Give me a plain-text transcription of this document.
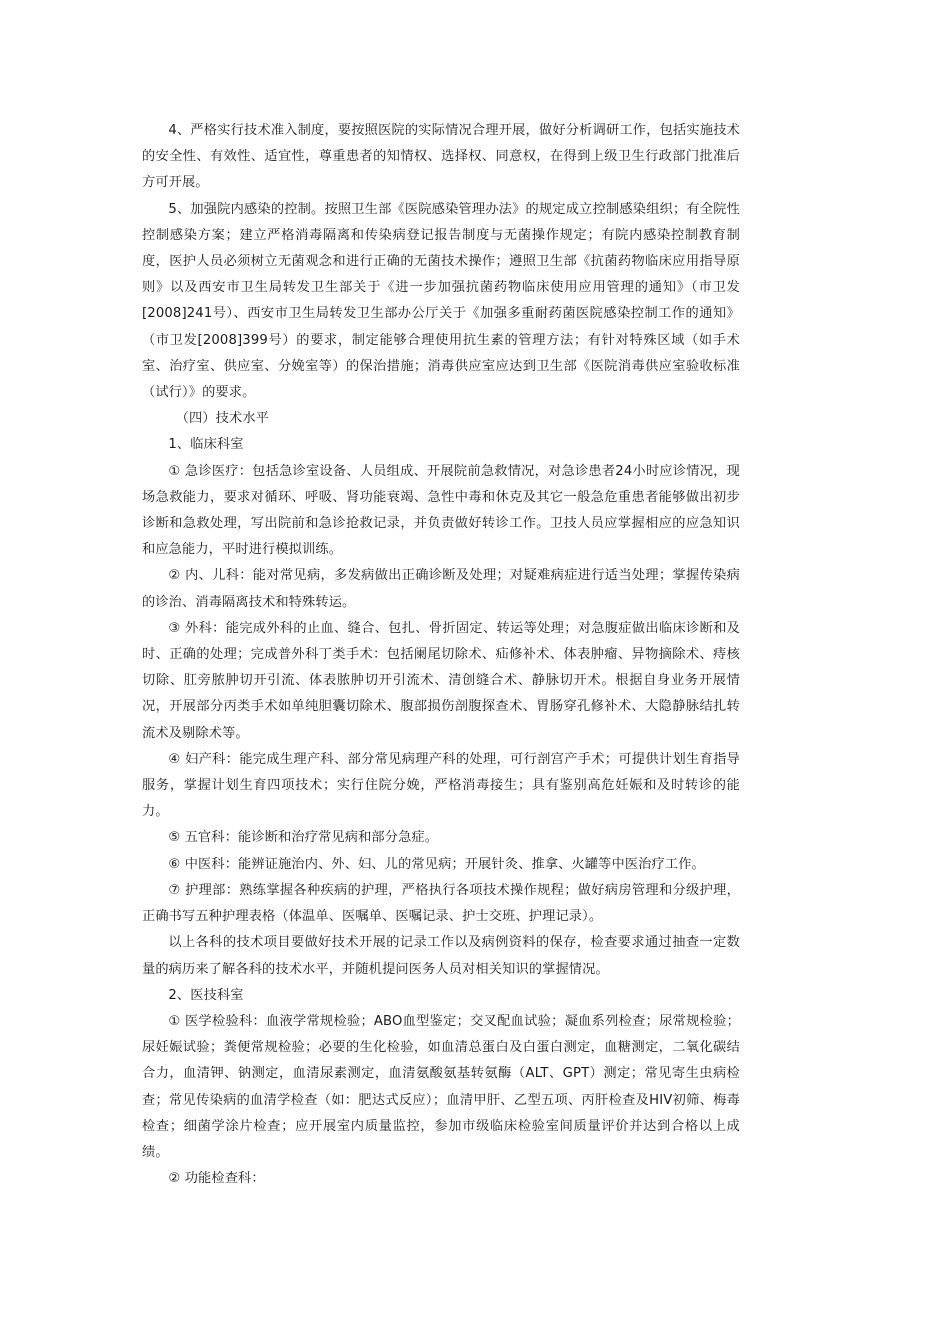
4、严格实行技术准入制度，要按照医院的实际情况合理开展，做好分析调研工作，包括实施技术的安全性、有效性、适宜性，尊重患者的知情权、选择权、同意权，在得到上级卫生行政部门批准后方可开展。

5、加强院内感染的控制。按照卫生部《医院感染管理办法》的规定成立控制感染组织；有全院性控制感染方案；建立严格消毒隔离和传染病登记报告制度与无菌操作规定；有院内感染控制教育制度，医护人员必须树立无菌观念和进行正确的无菌技术操作；遵照卫生部《抗菌药物临床应用指导原则》以及西安市卫生局转发卫生部关于《进一步加强抗菌药物临床使用应用管理的通知》（市卫发[2008]241号）、西安市卫生局转发卫生部办公厅关于《加强多重耐药菌医院感染控制工作的通知》（市卫发[2008]399号）的要求，制定能够合理使用抗生素的管理方法；有针对特殊区域（如手术室、治疗室、供应室、分娩室等）的保治措施；消毒供应室应达到卫生部《医院消毒供应室验收标准（试行）》的要求。

（四）技术水平

1、临床科室

① 急诊医疗：包括急诊室设备、人员组成、开展院前急救情况，对急诊患者24小时应诊情况，现场急救能力，要求对循环、呼吸、肾功能衰竭、急性中毒和休克及其它一般急危重患者能够做出初步诊断和急救处理，写出院前和急诊抢救记录，并负责做好转诊工作。卫技人员应掌握相应的应急知识和应急能力，平时进行模拟训练。

② 内、儿科：能对常见病，多发病做出正确诊断及处理；对疑难病症进行适当处理；掌握传染病的诊治、消毒隔离技术和特殊转运。

③ 外科：能完成外科的止血、缝合、包扎、骨折固定、转运等处理；对急腹症做出临床诊断和及时、正确的处理；完成普外科丁类手术：包括阑尾切除术、疝修补术、体表肿瘤、异物摘除术、痔核切除、肛旁脓肿切开引流、体表脓肿切开引流术、清创缝合术、静脉切开术。根据自身业务开展情况，开展部分丙类手术如单纯胆囊切除术、腹部损伤剖腹探查术、胃肠穿孔修补术、大隐静脉结扎转流术及剔除术等。

④ 妇产科：能完成生理产科、部分常见病理产科的处理，可行剖宫产手术；可提供计划生育指导服务，掌握计划生育四项技术；实行住院分娩，严格消毒接生；具有鉴别高危妊娠和及时转诊的能力。

⑤ 五官科：能诊断和治疗常见病和部分急症。

⑥ 中医科：能辨证施治内、外、妇、儿的常见病；开展针灸、推拿、火罐等中医治疗工作。

⑦ 护理部：熟练掌握各种疾病的护理，严格执行各项技术操作规程；做好病房管理和分级护理，正确书写五种护理表格（体温单、医嘱单、医嘱记录、护士交班、护理记录）。

以上各科的技术项目要做好技术开展的记录工作以及病例资料的保存，检查要求通过抽查一定数量的病历来了解各科的技术水平，并随机提问医务人员对相关知识的掌握情况。

2、医技科室

① 医学检验科：血液学常规检验；ABO血型鉴定；交叉配血试验；凝血系列检查；尿常规检验；尿妊娠试验；粪便常规检验；必要的生化检验，如血清总蛋白及白蛋白测定，血糖测定，二氧化碳结合力，血清钾、钠测定，血清尿素测定，血清氨酸氨基转氨酶（ALT、GPT）测定；常见寄生虫病检查；常见传染病的血清学检查（如：肥达式反应）；血清甲肝、乙型五项、丙肝检查及HIV初筛、梅毒检查；细菌学涂片检查；应开展室内质量监控，参加市级临床检验室间质量评价并达到合格以上成绩。

② 功能检查科：
